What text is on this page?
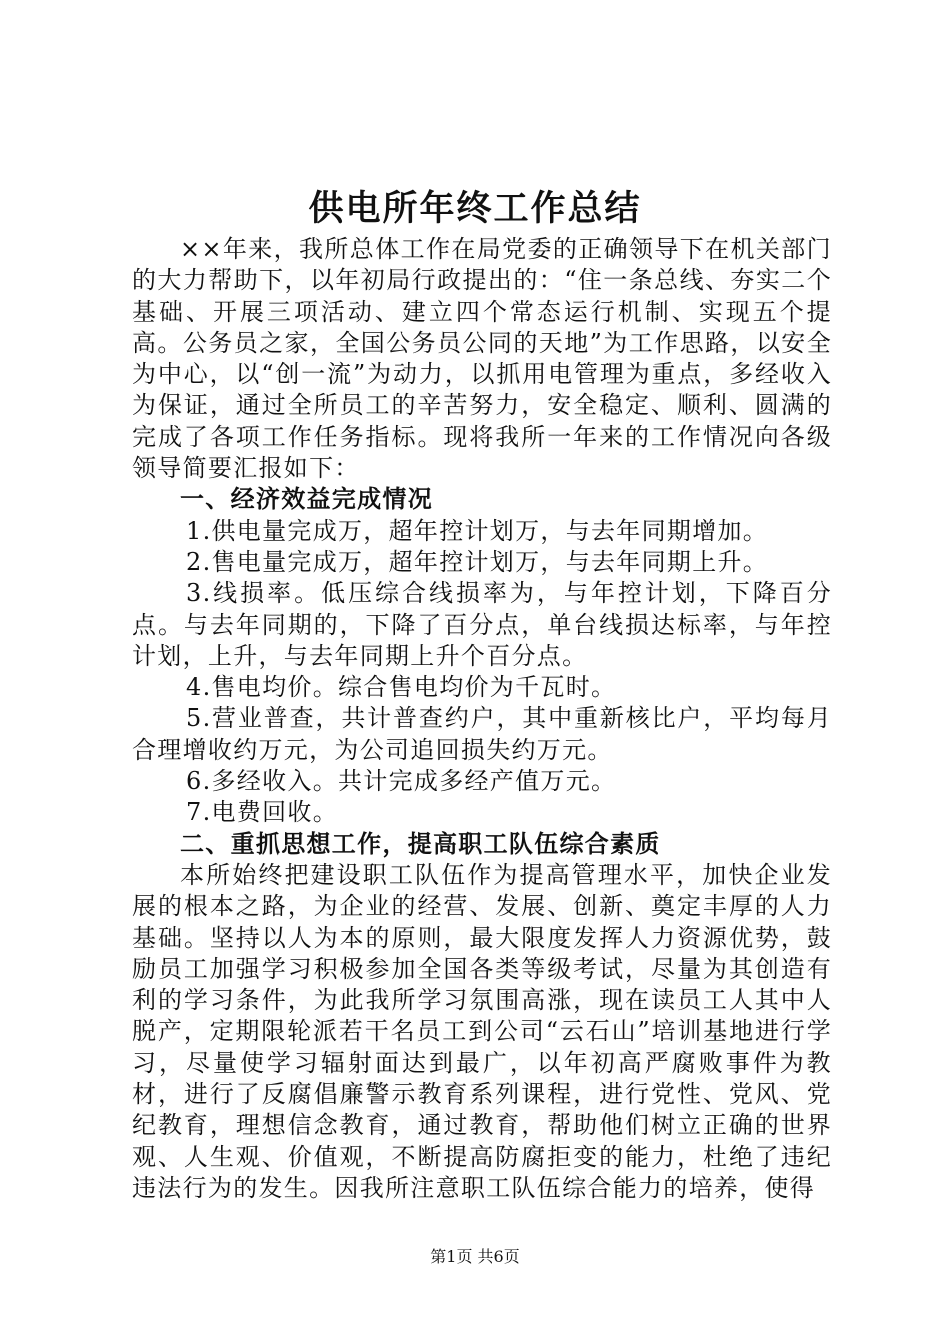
供电所年终工作总结

××年来，我所总体工作在局党委的正确领导下在机关部门的大力帮助下，以年初局行政提出的：“住一条总线、夯实二个基础、开展三项活动、建立四个常态运行机制、实现五个提高。公务员之家，全国公务员公同的天地”为工作思路，以安全为中心，以“创一流”为动力，以抓用电管理为重点，多经收入为保证，通过全所员工的辛苦努力，安全稳定、顺利、圆满的完成了各项工作任务指标。现将我所一年来的工作情况向各级领导简要汇报如下：

一、经济效益完成情况

1.供电量完成万，超年控计划万，与去年同期增加。

2.售电量完成万，超年控计划万，与去年同期上升。

3.线损率。低压综合线损率为，与年控计划，下降百分点。与去年同期的，下降了百分点，单台线损达标率，与年控计划，上升，与去年同期上升个百分点。

4.售电均价。综合售电均价为千瓦时。

5.营业普查，共计普查约户，其中重新核比户，平均每月合理增收约万元，为公司追回损失约万元。

6.多经收入。共计完成多经产值万元。

7.电费回收。

二、重抓思想工作，提高职工队伍综合素质

本所始终把建设职工队伍作为提高管理水平，加快企业发展的根本之路，为企业的经营、发展、创新、奠定丰厚的人力基础。坚持以人为本的原则，最大限度发挥人力资源优势，鼓励员工加强学习积极参加全国各类等级考试，尽量为其创造有利的学习条件，为此我所学习氛围高涨，现在读员工人其中人脱产，定期限轮派若干名员工到公司“云石山”培训基地进行学习，尽量使学习辐射面达到最广，以年初高严腐败事件为教材，进行了反腐倡廉警示教育系列课程，进行党性、党风、党纪教育，理想信念教育，通过教育，帮助他们树立正确的世界观、人生观、价值观，不断提高防腐拒变的能力，杜绝了违纪违法行为的发生。因我所注意职工队伍综合能力的培养，使得

第1页 共6页
